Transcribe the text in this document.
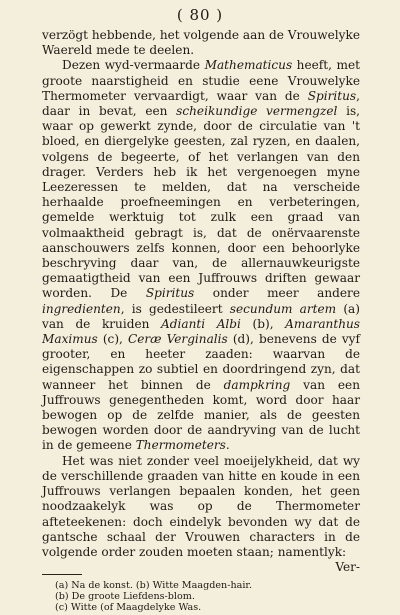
( 80 )

verzögt hebbende, het volgende aan de Vrouwelyke Waereld mede te deelen.

Dezen wyd-vermaarde Mathematicus heeft, met groote naarstigheid en studie eene Vrouwelyke Thermometer vervaardigt, waar van de Spiritus, daar in bevat, een scheikundige vermengzel is, waar op gewerkt zynde, door de circulatie van 't bloed, en diergelyke geesten, zal ryzen, en daalen, volgens de begeerte, of het verlangen van den drager. Verders heb ik het vergenoegen myne Leezeressen te melden, dat na verscheide herhaalde proefneemingen en verbeteringen, gemelde werktuig tot zulk een graad van volmaaktheid gebragt is, dat de onërvaarenste aanschouwers zelfs konnen, door een behoorlyke beschryving daar van, de allernauwkeurigste gemaatigtheid van een Juffrouws driften gewaar worden. De Spiritus onder meer andere ingredienten, is gedestileert secundum artem (a) van de kruiden Adianti Albi (b), Amaranthus Maximus (c), Ceræ Verginalis (d), benevens de vyf grooter, en heeter zaaden: waarvan de eigenschappen zo subtiel en doordringend zyn, dat wanneer het binnen de dampkring van een Juffrouws genegentheden komt, word door haar bewogen op de zelfde manier, als de geesten bewogen worden door de aandryving van de lucht in de gemeene Thermometers.

Het was niet zonder veel moeijelykheid, dat wy de verschillende graaden van hitte en koude in een Juffrouws verlangen bepaalen konden, het geen noodzaakelyk was op de Thermometer afteteekenen: doch eindelyk bevonden wy dat de gantsche schaal der Vrouwen characters in de volgende order zouden moeten staan; namentlyk:

Ver-
(a) Na de konst. (b) Witte Maagden-hair.
(b) De groote Liefdens-blom.
(c) Witte (of Maagdelyke Was.
